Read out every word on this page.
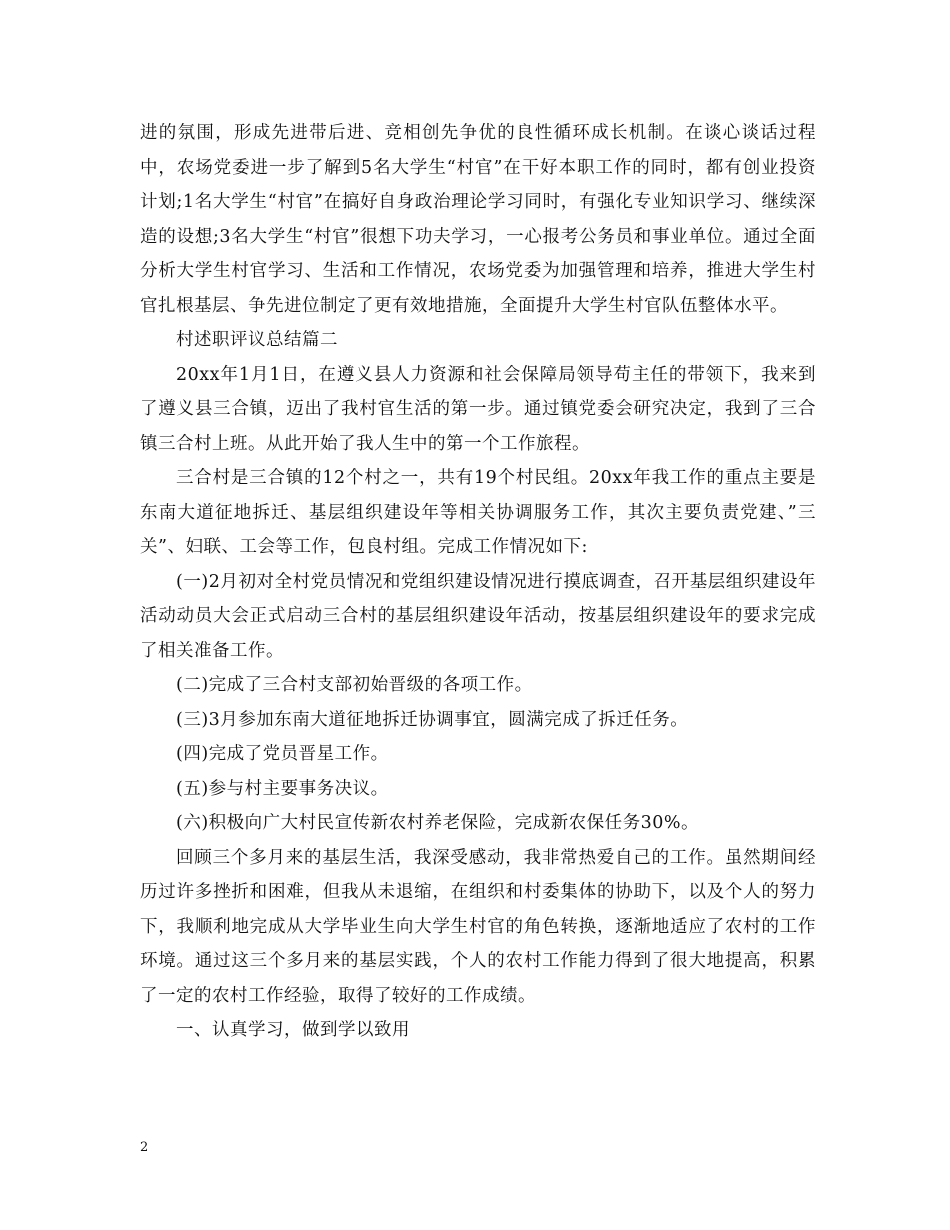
进的氛围，形成先进带后进、竞相创先争优的良性循环成长机制。在谈心谈话过程中，农场党委进一步了解到5名大学生“村官”在干好本职工作的同时，都有创业投资计划;1名大学生“村官”在搞好自身政治理论学习同时，有强化专业知识学习、继续深造的设想;3名大学生“村官”很想下功夫学习，一心报考公务员和事业单位。通过全面分析大学生村官学习、生活和工作情况，农场党委为加强管理和培养，推进大学生村官扎根基层、争先进位制定了更有效地措施，全面提升大学生村官队伍整体水平。

村述职评议总结篇二

20xx年1月1日，在遵义县人力资源和社会保障局领导苟主任的带领下，我来到了遵义县三合镇，迈出了我村官生活的第一步。通过镇党委会研究决定，我到了三合镇三合村上班。从此开始了我人生中的第一个工作旅程。

三合村是三合镇的12个村之一，共有19个村民组。20xx年我工作的重点主要是东南大道征地拆迁、基层组织建设年等相关协调服务工作，其次主要负责党建、”三关”、妇联、工会等工作，包良村组。完成工作情况如下:

(一)2月初对全村党员情况和党组织建设情况进行摸底调查，召开基层组织建设年活动动员大会正式启动三合村的基层组织建设年活动，按基层组织建设年的要求完成了相关准备工作。

(二)完成了三合村支部初始晋级的各项工作。

(三)3月参加东南大道征地拆迁协调事宜，圆满完成了拆迁任务。

(四)完成了党员晋星工作。

(五)参与村主要事务决议。

(六)积极向广大村民宣传新农村养老保险，完成新农保任务30%。

回顾三个多月来的基层生活，我深受感动，我非常热爱自己的工作。虽然期间经历过许多挫折和困难，但我从未退缩，在组织和村委集体的协助下，以及个人的努力下，我顺利地完成从大学毕业生向大学生村官的角色转换，逐渐地适应了农村的工作环境。通过这三个多月来的基层实践，个人的农村工作能力得到了很大地提高，积累了一定的农村工作经验，取得了较好的工作成绩。

一、认真学习，做到学以致用

2
